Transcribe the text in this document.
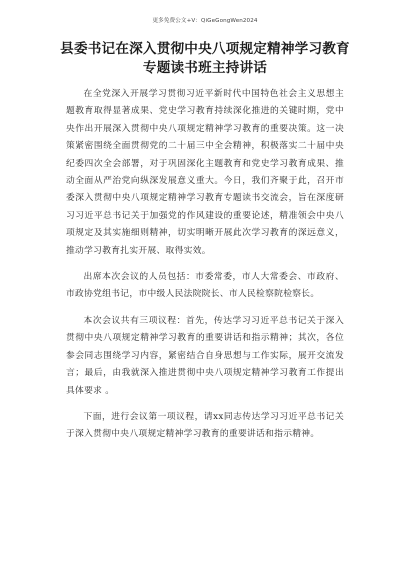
更多免费公文+V：QiGeGongWen2024
县委书记在深入贯彻中央八项规定精神学习教育专题读书班主持讲话

在全党深入开展学习贯彻习近平新时代中国特色社会主义思想主题教育取得显著成果、党史学习教育持续深化推进的关键时期，党中央作出开展深入贯彻中央八项规定精神学习教育的重要决策。这一决策紧密围绕全面贯彻党的二十届三中全会精神，积极落实二十届中央纪委四次全会部署，对于巩固深化主题教育和党史学习教育成果、推动全面从严治党向纵深发展意义重大。今日，我们齐聚于此，召开市委深入贯彻中央八项规定精神学习教育专题读书交流会，旨在深度研习习近平总书记关于加强党的作风建设的重要论述，精准领会中央八项规定及其实施细则精神，切实明晰开展此次学习教育的深远意义，推动学习教育扎实开展、取得实效。

出席本次会议的人员包括：市委常委，市人大常委会、市政府、市政协党组书记，市中级人民法院院长、市人民检察院检察长。

本次会议共有三项议程：首先，传达学习习近平总书记关于深入贯彻中央八项规定精神学习教育的重要讲话和指示精神；其次，各位参会同志围绕学习内容，紧密结合自身思想与工作实际，展开交流发言；最后，由我就深入推进贯彻中央八项规定精神学习教育工作提出具体要求 。

下面，进行会议第一项议程，请xx同志传达学习习近平总书记关于深入贯彻中央八项规定精神学习教育的重要讲话和指示精神。
